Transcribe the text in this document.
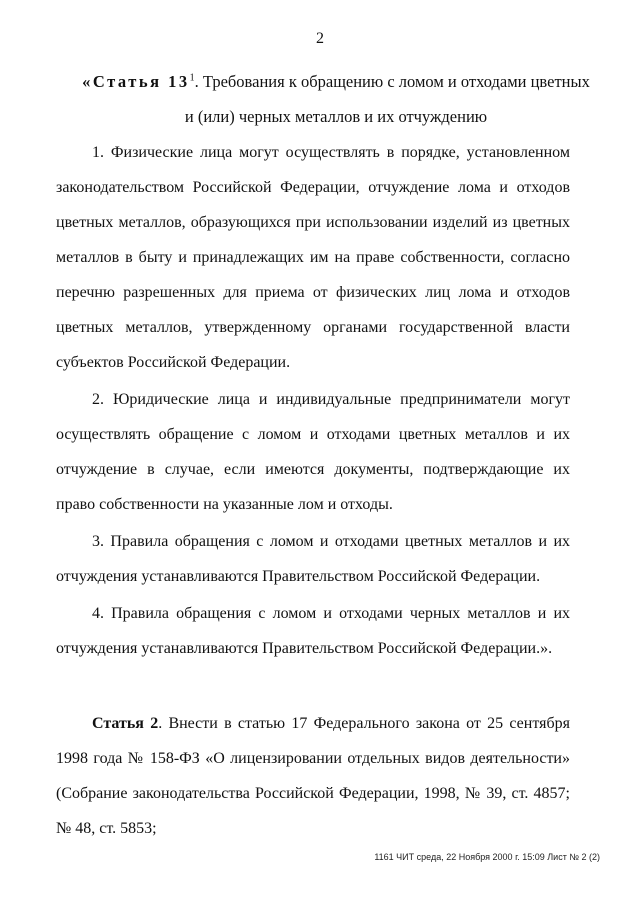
2
«Статья $13^1$. Требования к обращению с ломом и отходами цветных и (или) черных металлов и их отчуждению

1. Физические лица могут осуществлять в порядке, установленном законодательством Российской Федерации, отчуждение лома и отходов цветных металлов, образующихся при использовании изделий из цветных металлов в быту и принадлежащих им на праве собственности, согласно перечню разрешенных для приема от физических лиц лома и отходов цветных металлов, утвержденному органами государственной власти субъектов Российской Федерации.

2. Юридические лица и индивидуальные предприниматели могут осуществлять обращение с ломом и отходами цветных металлов и их отчуждение в случае, если имеются документы, подтверждающие их право собственности на указанные лом и отходы.

3. Правила обращения с ломом и отходами цветных металлов и их отчуждения устанавливаются Правительством Российской Федерации.

4. Правила обращения с ломом и отходами черных металлов и их отчуждения устанавливаются Правительством Российской Федерации.».

Статья 2. Внести в статью 17 Федерального закона от 25 сентября 1998 года № 158-ФЗ «О лицензировании отдельных видов деятельности» (Собрание законодательства Российской Федерации, 1998, № 39, ст. 4857; № 48, ст. 5853;

1161 ЧИТ среда, 22 Ноября 2000 г. 15:09 Лист № 2 (2)
